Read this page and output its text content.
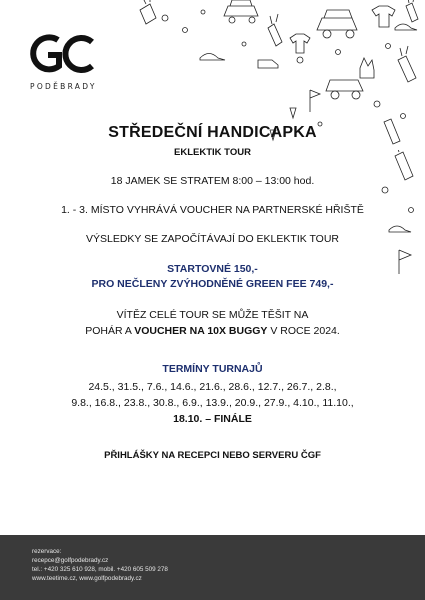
PODĚBRADY
STŘEDEČNÍ HANDICAPKA
EKLEKTIK TOUR
18 JAMEK SE STRATEM 8:00 – 13:00 hod.
1. - 3. MÍSTO VYHRÁVÁ VOUCHER NA PARTNERSKÉ HŘIŠTĚ
VÝSLEDKY SE ZAPOČÍTÁVAJÍ DO EKLEKTIK TOUR
STARTOVNÉ 150,-
PRO NEČLENY ZVÝHODNĚNÉ GREEN FEE 749,-
VÍTĚZ CELÉ TOUR SE MŮŽE TĚŠIT NA
POHÁR A VOUCHER NA 10X BUGGY V ROCE 2024.
TERMÍNY TURNAJŮ
24.5., 31.5., 7.6., 14.6., 21.6., 28.6., 12.7., 26.7., 2.8.,
9.8., 16.8., 23.8., 30.8., 6.9., 13.9., 20.9., 27.9., 4.10., 11.10.,
18.10. – FINÁLE
PŘIHLÁŠKY NA RECEPCI NEBO SERVERU ČGF
rezervace:
recepce@golfpodebrady.cz
tel.: +420 325 610 928, mobil. +420 605 509 278
www.teetime.cz, www.golfpodebrady.cz
